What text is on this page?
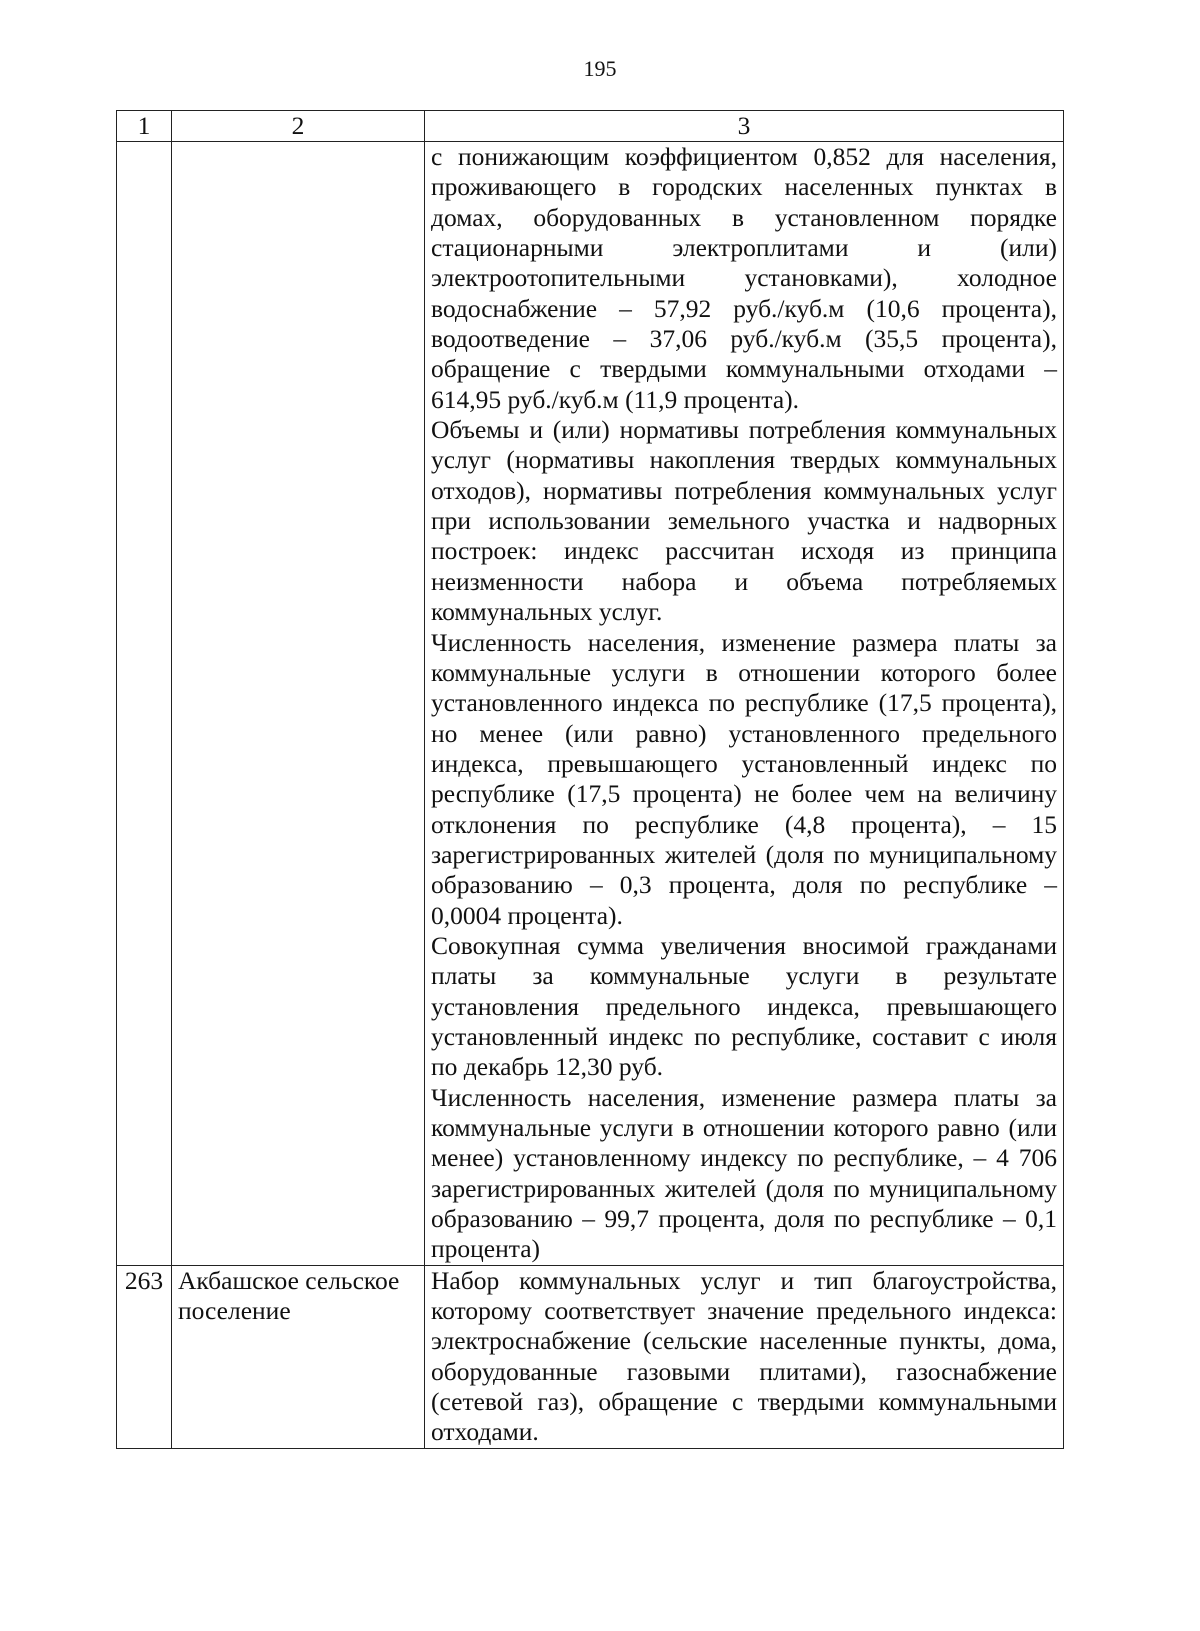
195
1	2	3

		с понижающим коэффициентом 0,852 для населения, проживающего в городских населенных пунктах в домах, оборудованных в установленном порядке стационарными электроплитами и (или) электроотопительными установками), холодное водоснабжение – 57,92 руб./куб.м (10,6 процента), водоотведение – 37,06 руб./куб.м (35,5 процента), обращение с твердыми коммунальными отходами – 614,95 руб./куб.м (11,9 процента).

Объемы и (или) нормативы потребления коммунальных услуг (нормативы накопления твердых коммунальных отходов), нормативы потребления коммунальных услуг при использовании земельного участка и надворных построек: индекс рассчитан исходя из принципа неизменности набора и объема потребляемых коммунальных услуг.

Численность населения, изменение размера платы за коммунальные услуги в отношении которого более установленного индекса по республике (17,5 процента), но менее (или равно) установленного предельного индекса, превышающего установленный индекс по республике (17,5 процента) не более чем на величину отклонения по республике (4,8 процента), – 15 зарегистрированных жителей (доля по муниципальному образованию – 0,3 процента, доля по республике – 0,0004 процента).

Совокупная сумма увеличения вносимой гражданами платы за коммунальные услуги в результате установления предельного индекса, превышающего установленный индекс по республике, составит с июля по декабрь 12,30 руб.

Численность населения, изменение размера платы за коммунальные услуги в отношении которого равно (или менее) установленному индексу по республике, – 4 706 зарегистрированных жителей (доля по муниципальному образованию – 99,7 процента, доля по республике – 0,1 процента)

263	Акбашское сельское поселение	Набор коммунальных услуг и тип благоустройства, которому соответствует значение предельного индекса: электроснабжение (сельские населенные пункты, дома, оборудованные газовыми плитами), газоснабжение (сетевой газ), обращение с твердыми коммунальными отходами.
